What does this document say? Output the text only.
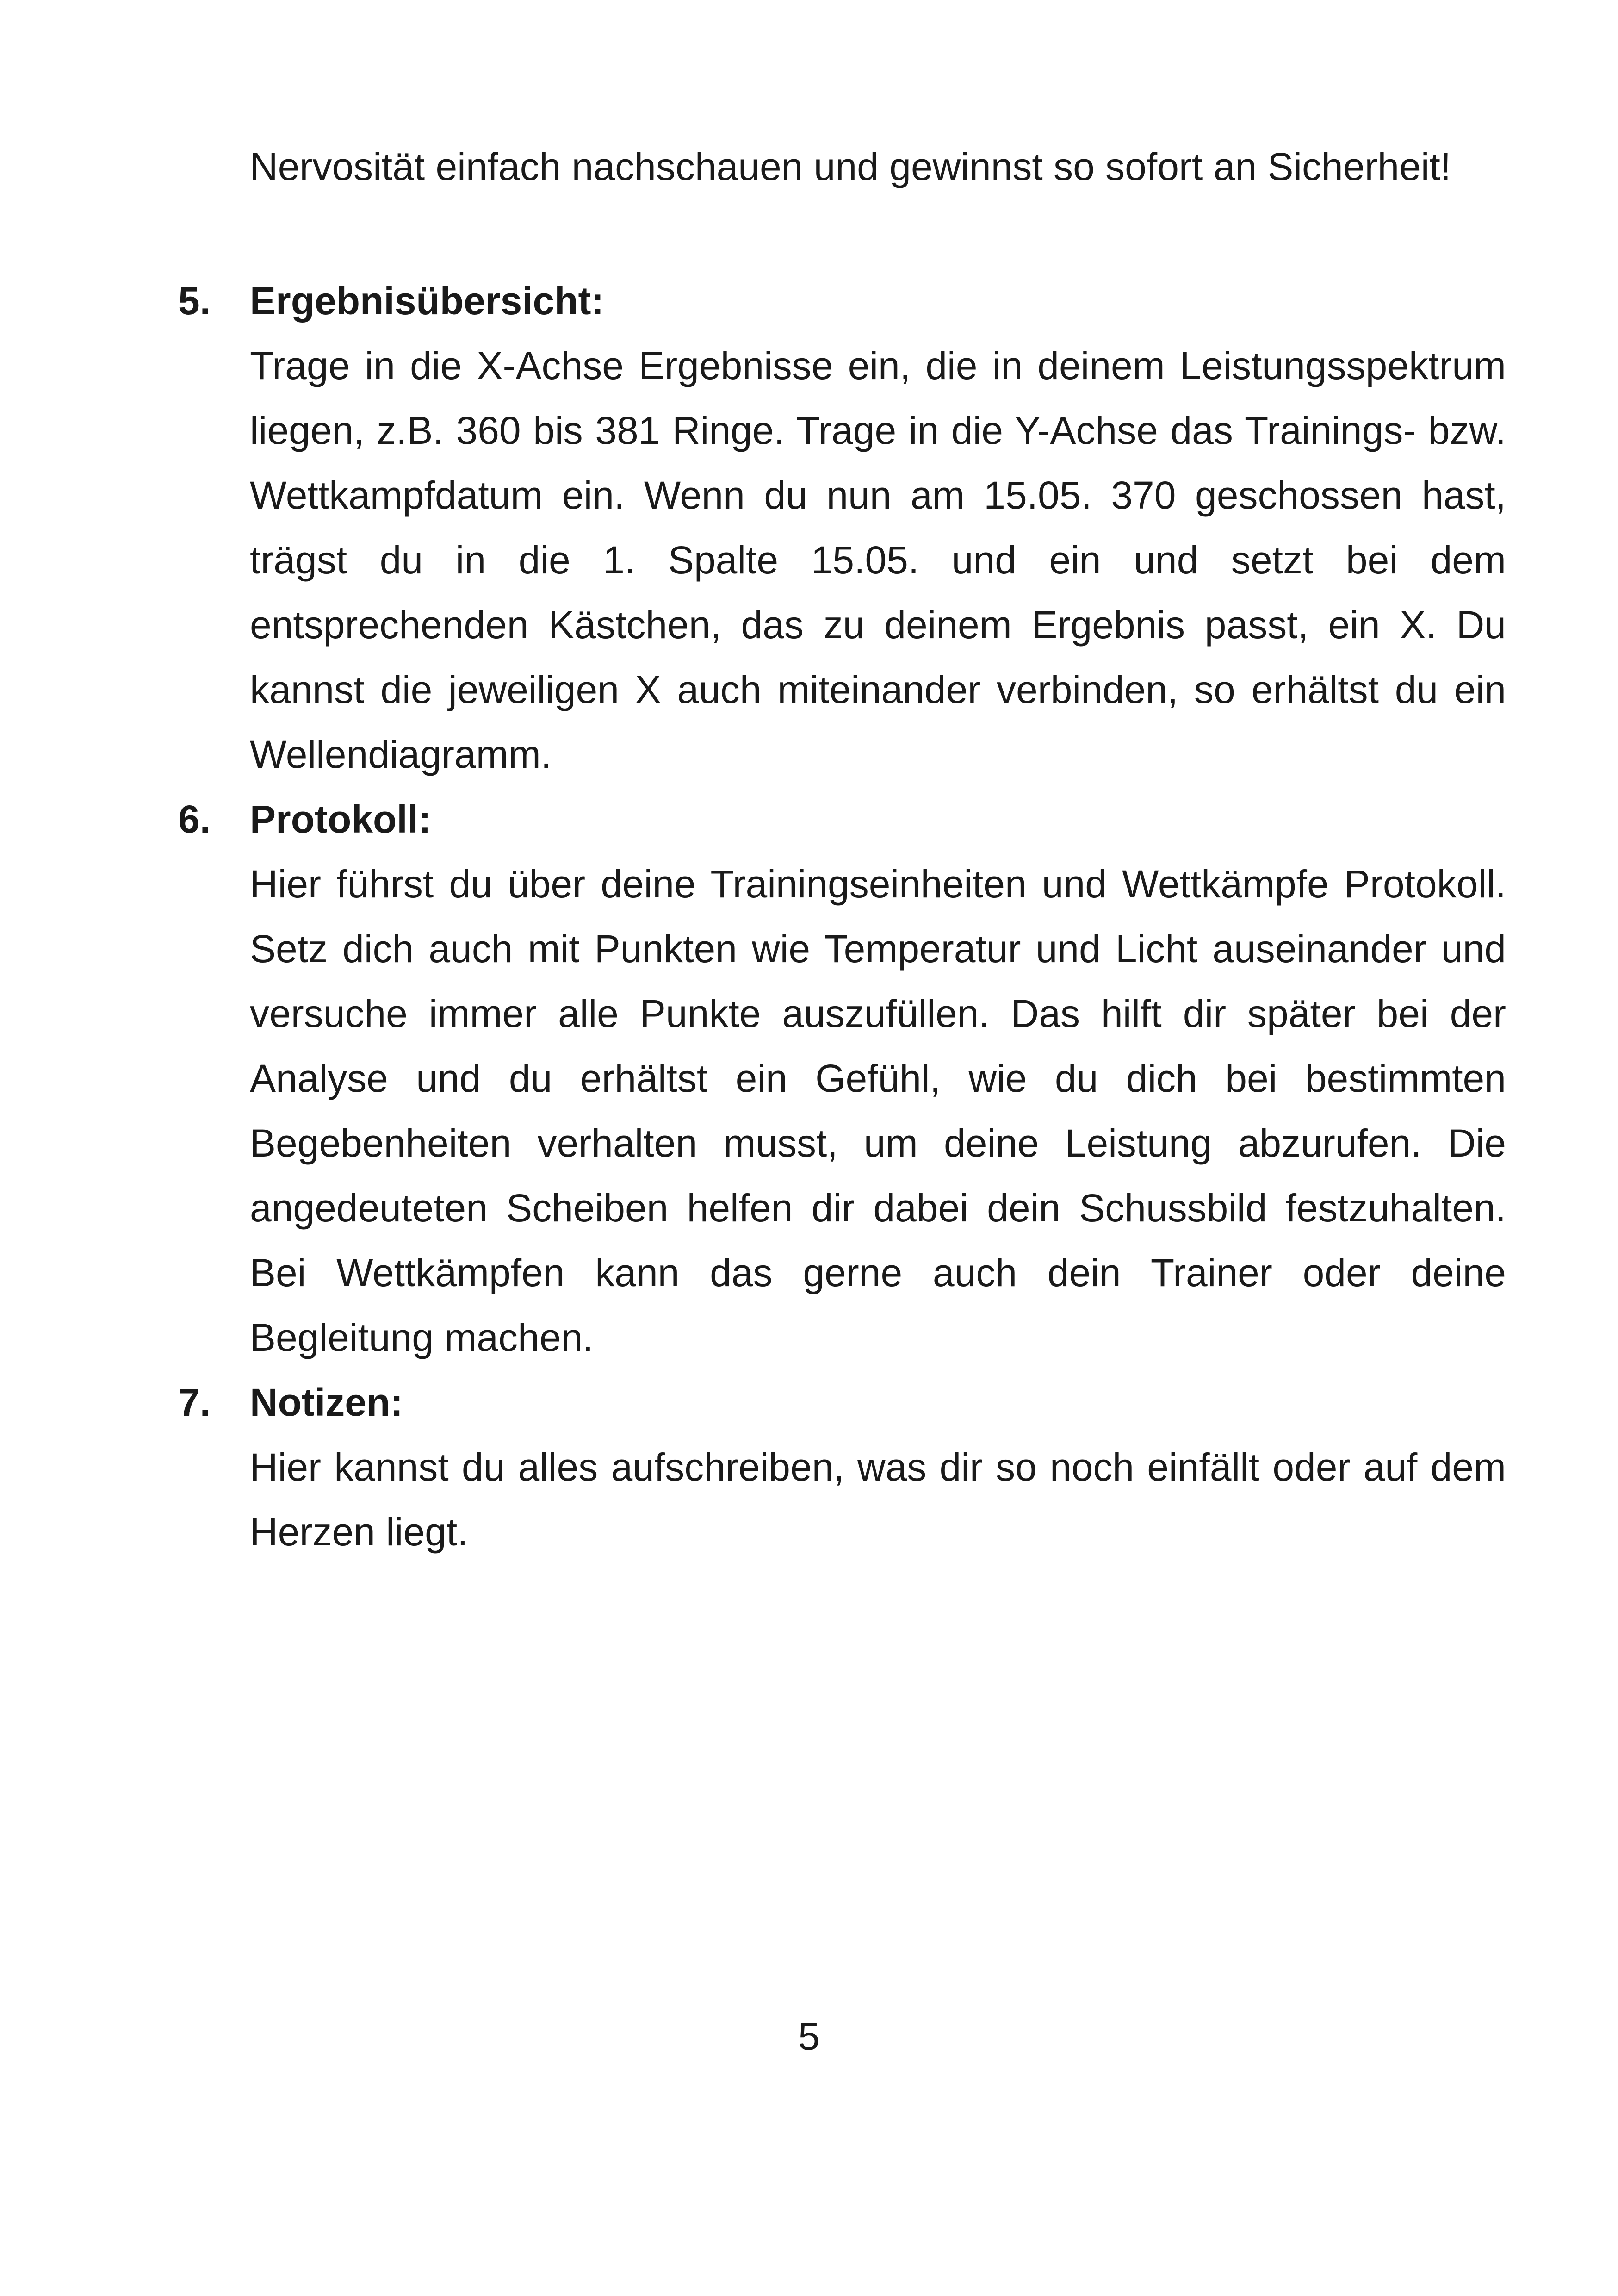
Nervosität einfach nachschauen und gewinnst so sofort an Sicherheit!

5. Ergebnisübersicht:

Trage in die X-Achse Ergebnisse ein, die in deinem Leistungsspektrum liegen, z.B. 360 bis 381 Ringe. Trage in die Y-Achse das Trainings- bzw. Wettkampfdatum ein. Wenn du nun am 15.05. 370 geschossen hast, trägst du in die 1. Spalte 15.05. und ein und setzt bei dem entsprechenden Kästchen, das zu deinem Ergebnis passt, ein X. Du kannst die jeweiligen X auch miteinander verbinden, so erhältst du ein Wellendiagramm.

6. Protokoll:

Hier führst du über deine Trainingseinheiten und Wettkämpfe Protokoll. Setz dich auch mit Punkten wie Temperatur und Licht auseinander und versuche immer alle Punkte auszufüllen. Das hilft dir später bei der Analyse und du erhältst ein Gefühl, wie du dich bei bestimmten Begebenheiten verhalten musst, um deine Leistung abzurufen. Die angedeuteten Scheiben helfen dir dabei dein Schussbild festzuhalten. Bei Wettkämpfen kann das gerne auch dein Trainer oder deine Begleitung machen.

7. Notizen:

Hier kannst du alles aufschreiben, was dir so noch einfällt oder auf dem Herzen liegt.

5
